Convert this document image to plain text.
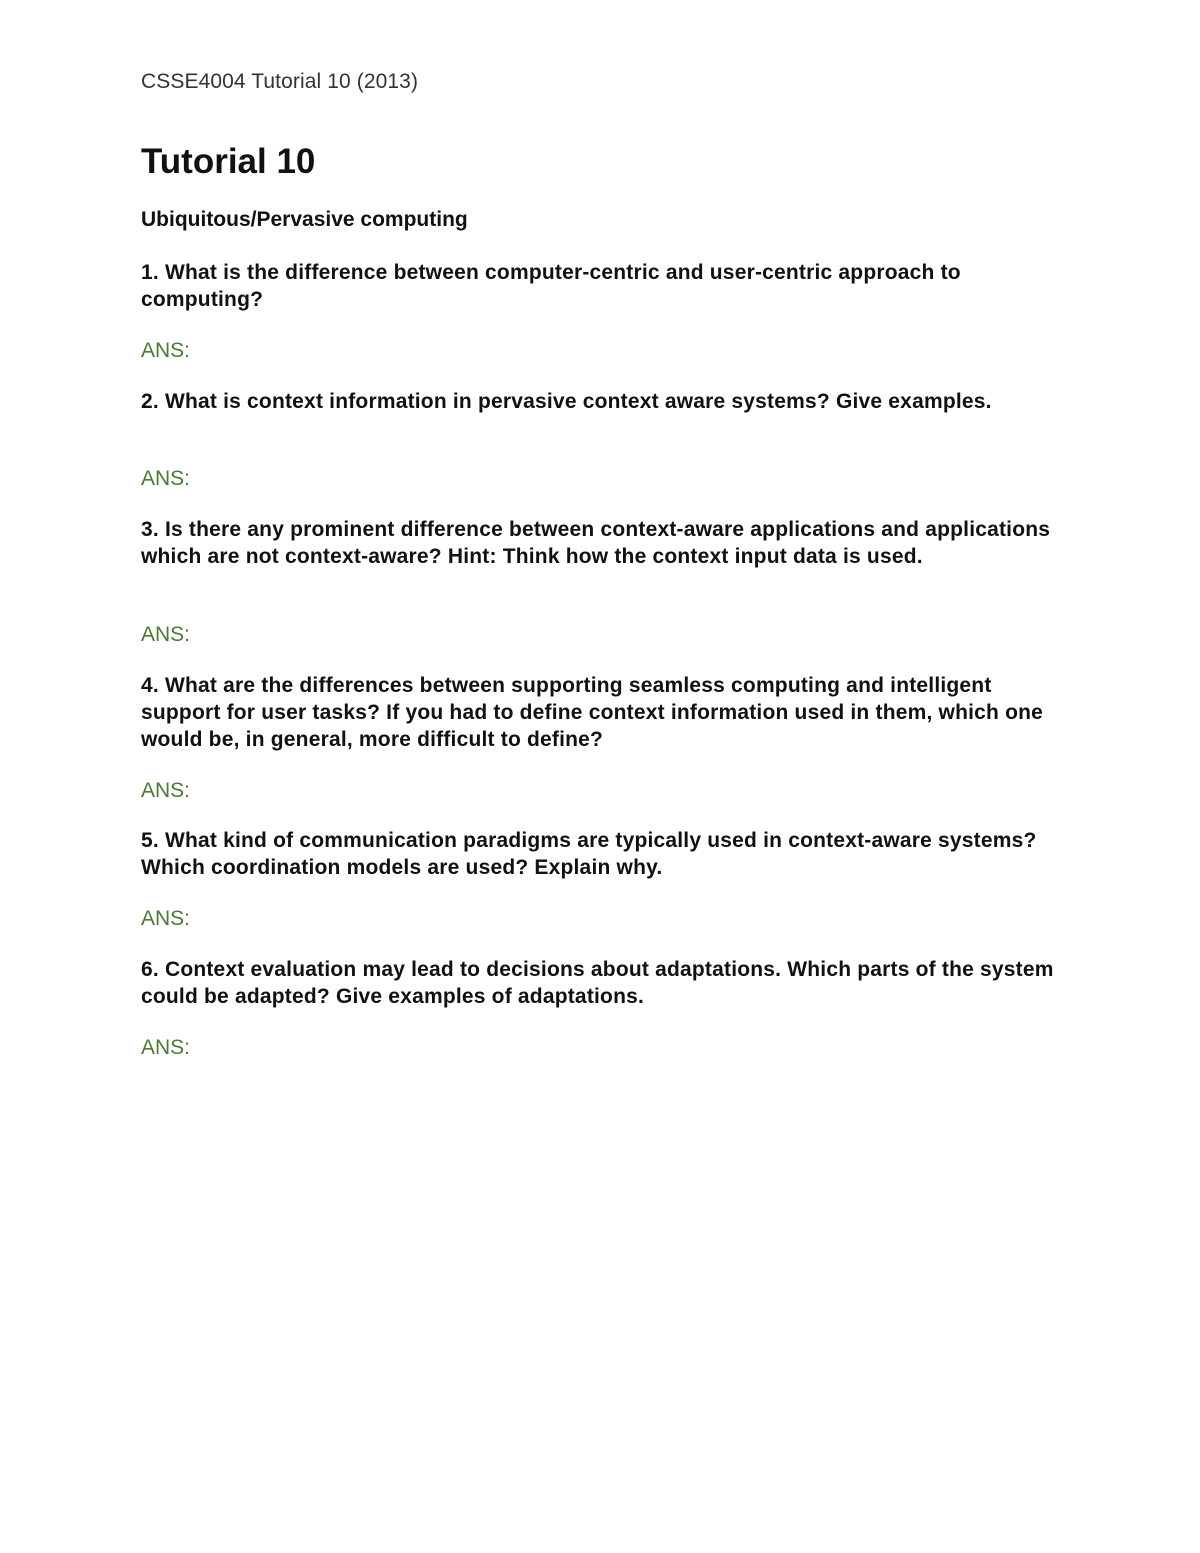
CSSE4004 Tutorial 10 (2013)
Tutorial 10
Ubiquitous/Pervasive computing
1. What is the difference between computer-centric and user-centric approach to computing?
ANS:
2. What is context information in pervasive context aware systems? Give examples.
ANS:
3. Is there any prominent difference between context-aware applications and applications which are not context-aware? Hint: Think how the context input data is used.
ANS:
4. What are the differences between supporting seamless computing and intelligent support for user tasks? If you had to define context information used in them, which one would be, in general, more difficult to define?
ANS:
5. What kind of communication paradigms are typically used in context-aware systems? Which coordination models are used? Explain why.
ANS:
6. Context evaluation may lead to decisions about adaptations. Which parts of the system could be adapted? Give examples of adaptations.
ANS:
